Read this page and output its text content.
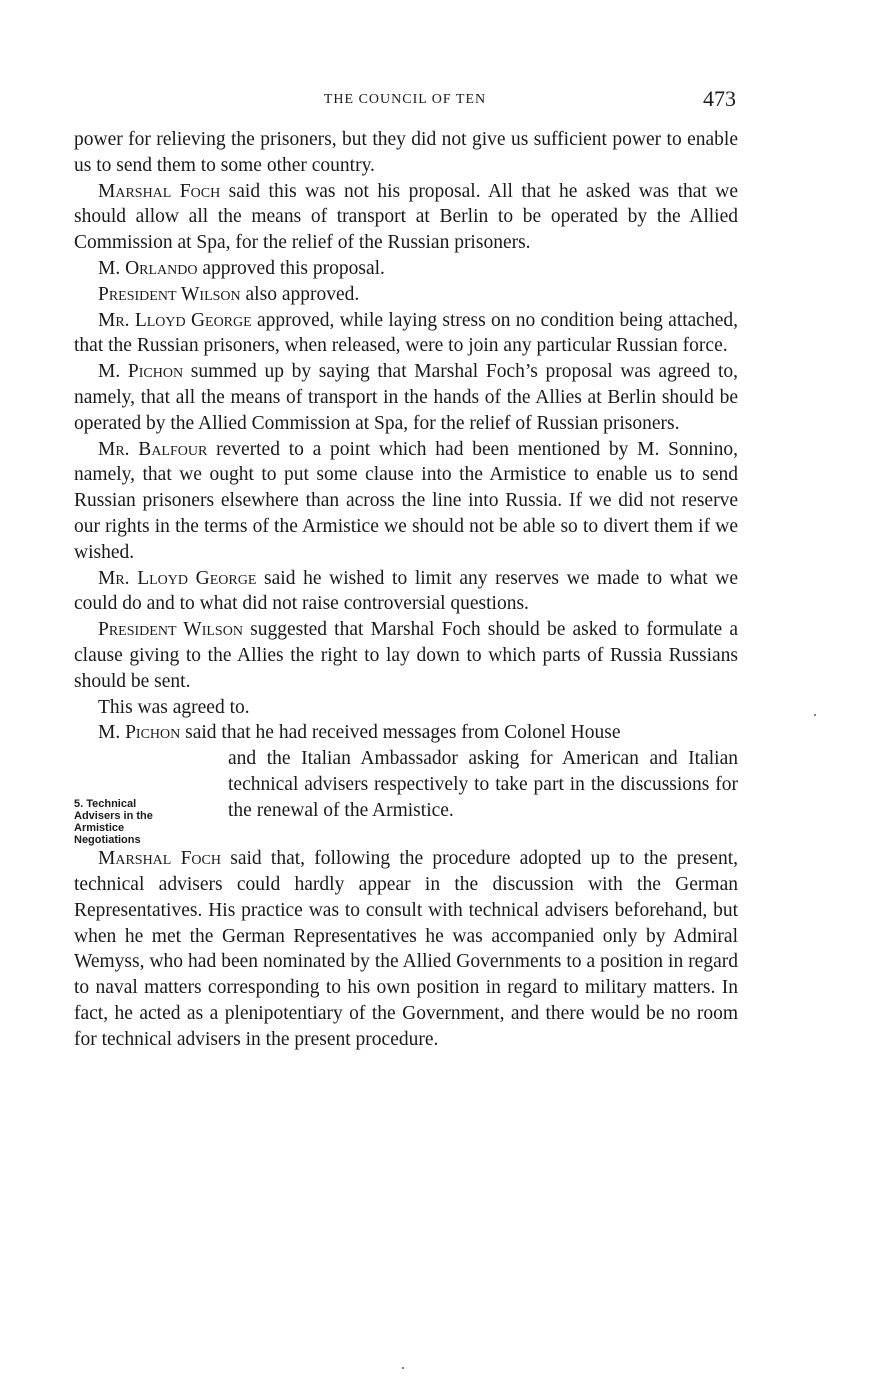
THE COUNCIL OF TEN	473

power for relieving the prisoners, but they did not give us sufficient power to enable us to send them to some other country.

Marshal Foch said this was not his proposal. All that he asked was that we should allow all the means of transport at Berlin to be operated by the Allied Commission at Spa, for the relief of the Russian prisoners.

M. Orlando approved this proposal.

President Wilson also approved.

Mr. Lloyd George approved, while laying stress on no condition being attached, that the Russian prisoners, when released, were to join any particular Russian force.

M. Pichon summed up by saying that Marshal Foch’s proposal was agreed to, namely, that all the means of transport in the hands of the Allies at Berlin should be operated by the Allied Commission at Spa, for the relief of Russian prisoners.

Mr. Balfour reverted to a point which had been mentioned by M. Sonnino, namely, that we ought to put some clause into the Armistice to enable us to send Russian prisoners elsewhere than across the line into Russia. If we did not reserve our rights in the terms of the Armistice we should not be able so to divert them if we wished.

Mr. Lloyd George said he wished to limit any reserves we made to what we could do and to what did not raise controversial questions.

President Wilson suggested that Marshal Foch should be asked to formulate a clause giving to the Allies the right to lay down to which parts of Russia Russians should be sent.

This was agreed to.

M. Pichon said that he had received messages from Colonel House

5. Technical
Advisers in the
Armistice
Negotiations
and the Italian Ambassador asking for American and Italian technical advisers respectively to take part in the discussions for the renewal of the Armistice.

Marshal Foch said that, following the procedure adopted up to the present, technical advisers could hardly appear in the discussion with the German Representatives. His practice was to consult with technical advisers beforehand, but when he met the German Representatives he was accompanied only by Admiral Wemyss, who had been nominated by the Allied Governments to a position in regard to naval matters corresponding to his own position in regard to military matters. In fact, he acted as a plenipotentiary of the Government, and there would be no room for technical advisers in the present procedure.
